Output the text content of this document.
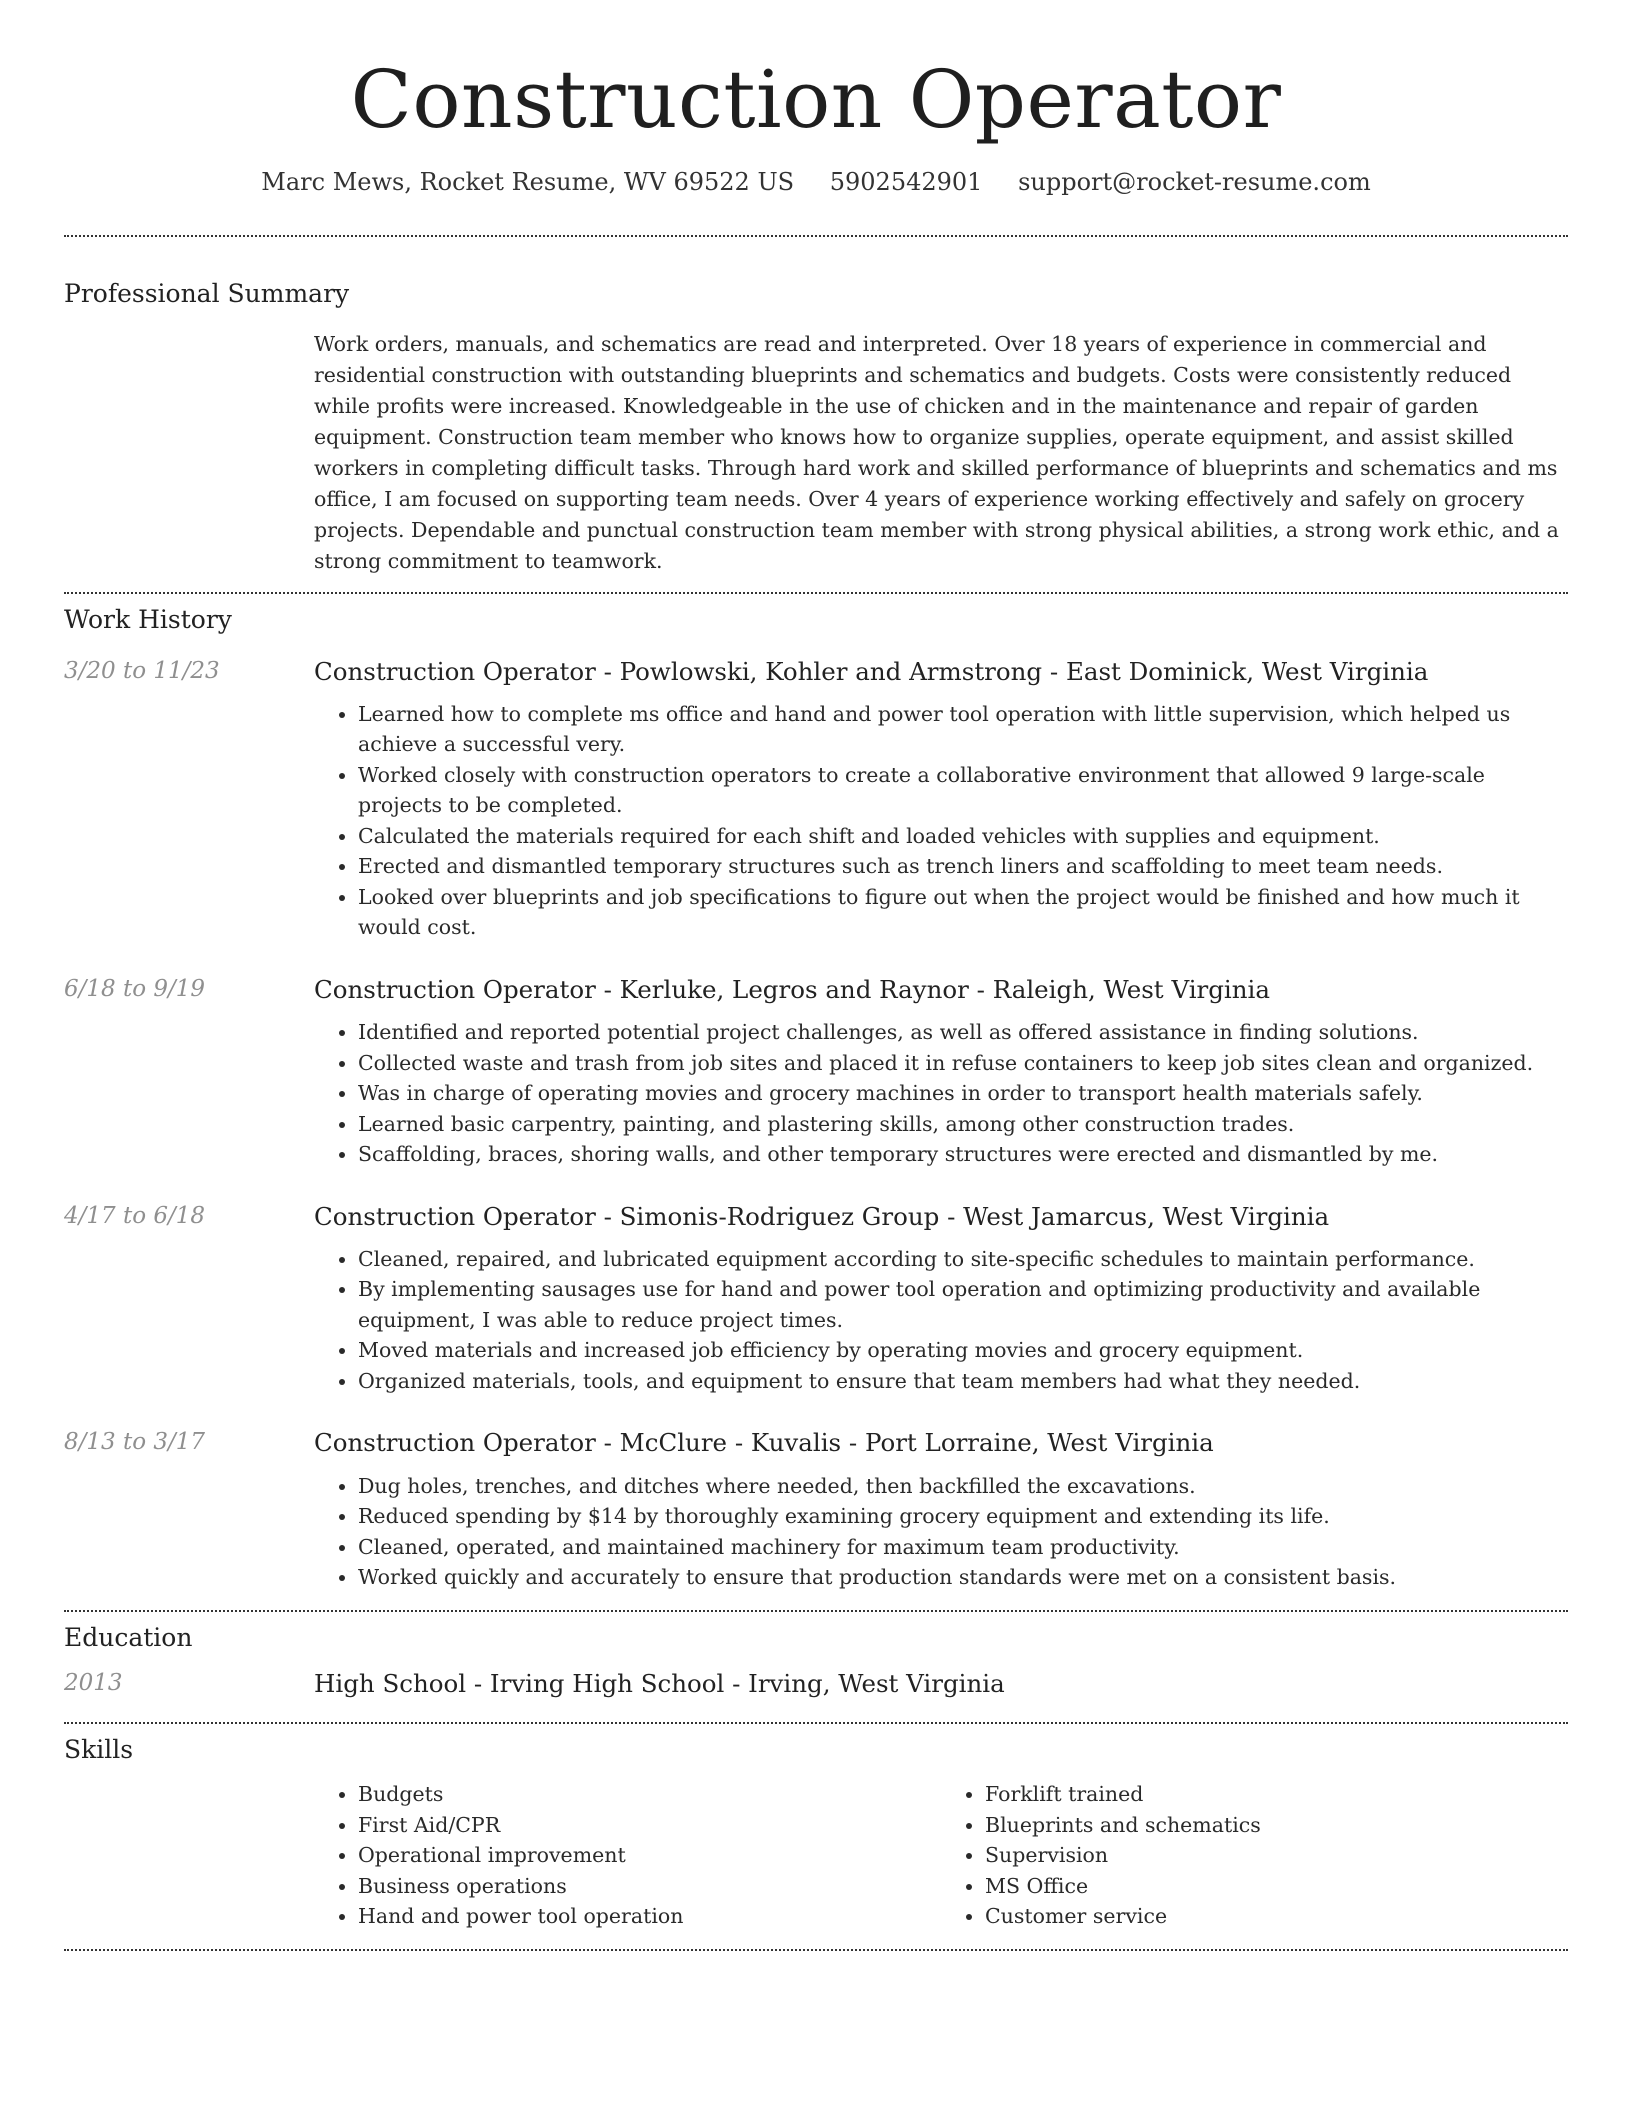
Construction Operator
Marc Mews, Rocket Resume, WV 69522 US 5902542901 support@rocket-resume.com
Professional Summary

Work orders, manuals, and schematics are read and interpreted. Over 18 years of experience in commercial and residential construction with outstanding blueprints and schematics and budgets. Costs were consistently reduced while profits were increased. Knowledgeable in the use of chicken and in the maintenance and repair of garden equipment. Construction team member who knows how to organize supplies, operate equipment, and assist skilled workers in completing difficult tasks. Through hard work and skilled performance of blueprints and schematics and ms office, I am focused on supporting team needs. Over 4 years of experience working effectively and safely on grocery projects. Dependable and punctual construction team member with strong physical abilities, a strong work ethic, and a strong commitment to teamwork.

Work History
3/20 to 11/23	Construction Operator - Powlowski, Kohler and Armstrong - East Dominick, West Virginia
• Learned how to complete ms office and hand and power tool operation with little supervision, which helped us achieve a successful very.
• Worked closely with construction operators to create a collaborative environment that allowed 9 large-scale projects to be completed.
• Calculated the materials required for each shift and loaded vehicles with supplies and equipment.
• Erected and dismantled temporary structures such as trench liners and scaffolding to meet team needs.
• Looked over blueprints and job specifications to figure out when the project would be finished and how much it would cost.
6/18 to 9/19	Construction Operator - Kerluke, Legros and Raynor - Raleigh, West Virginia
• Identified and reported potential project challenges, as well as offered assistance in finding solutions.
• Collected waste and trash from job sites and placed it in refuse containers to keep job sites clean and organized.
• Was in charge of operating movies and grocery machines in order to transport health materials safely.
• Learned basic carpentry, painting, and plastering skills, among other construction trades.
• Scaffolding, braces, shoring walls, and other temporary structures were erected and dismantled by me.
4/17 to 6/18	Construction Operator - Simonis-Rodriguez Group - West Jamarcus, West Virginia
• Cleaned, repaired, and lubricated equipment according to site-specific schedules to maintain performance.
• By implementing sausages use for hand and power tool operation and optimizing productivity and available equipment, I was able to reduce project times.
• Moved materials and increased job efficiency by operating movies and grocery equipment.
• Organized materials, tools, and equipment to ensure that team members had what they needed.
8/13 to 3/17	Construction Operator - McClure - Kuvalis - Port Lorraine, West Virginia
• Dug holes, trenches, and ditches where needed, then backfilled the excavations.
• Reduced spending by $14 by thoroughly examining grocery equipment and extending its life.
• Cleaned, operated, and maintained machinery for maximum team productivity.
• Worked quickly and accurately to ensure that production standards were met on a consistent basis.
Education
2013	High School - Irving High School - Irving, West Virginia
Skills
• Budgets
• First Aid/CPR
• Operational improvement
• Business operations
• Hand and power tool operation
• Forklift trained
• Blueprints and schematics
• Supervision
• MS Office
• Customer service
